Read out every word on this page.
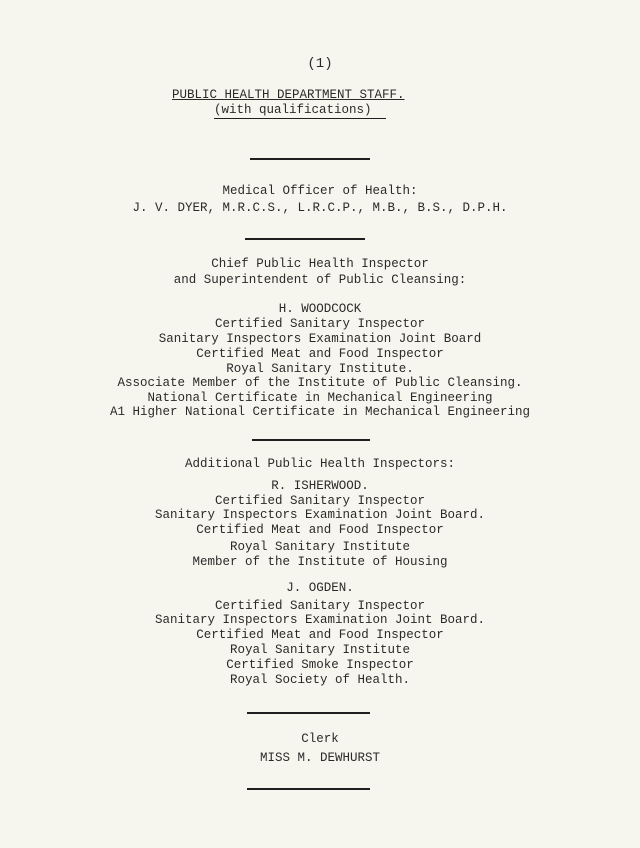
(1)
PUBLIC HEALTH DEPARTMENT STAFF.
(with qualifications)
Medical Officer of Health:
J. V. DYER, M.R.C.S., L.R.C.P., M.B., B.S., D.P.H.
Chief Public Health Inspector
and Superintendent of Public Cleansing:
H. WOODCOCK
Certified Sanitary Inspector
Sanitary Inspectors Examination Joint Board
Certified Meat and Food Inspector
Royal Sanitary Institute.
Associate Member of the Institute of Public Cleansing.
National Certificate in Mechanical Engineering
A1 Higher National Certificate in Mechanical Engineering
Additional Public Health Inspectors:
R. ISHERWOOD.
Certified Sanitary Inspector
Sanitary Inspectors Examination Joint Board.
Certified Meat and Food Inspector
Royal Sanitary Institute
Member of the Institute of Housing
J. OGDEN.
Certified Sanitary Inspector
Sanitary Inspectors Examination Joint Board.
Certified Meat and Food Inspector
Royal Sanitary Institute
Certified Smoke Inspector
Royal Society of Health.
Clerk
MISS M. DEWHURST
